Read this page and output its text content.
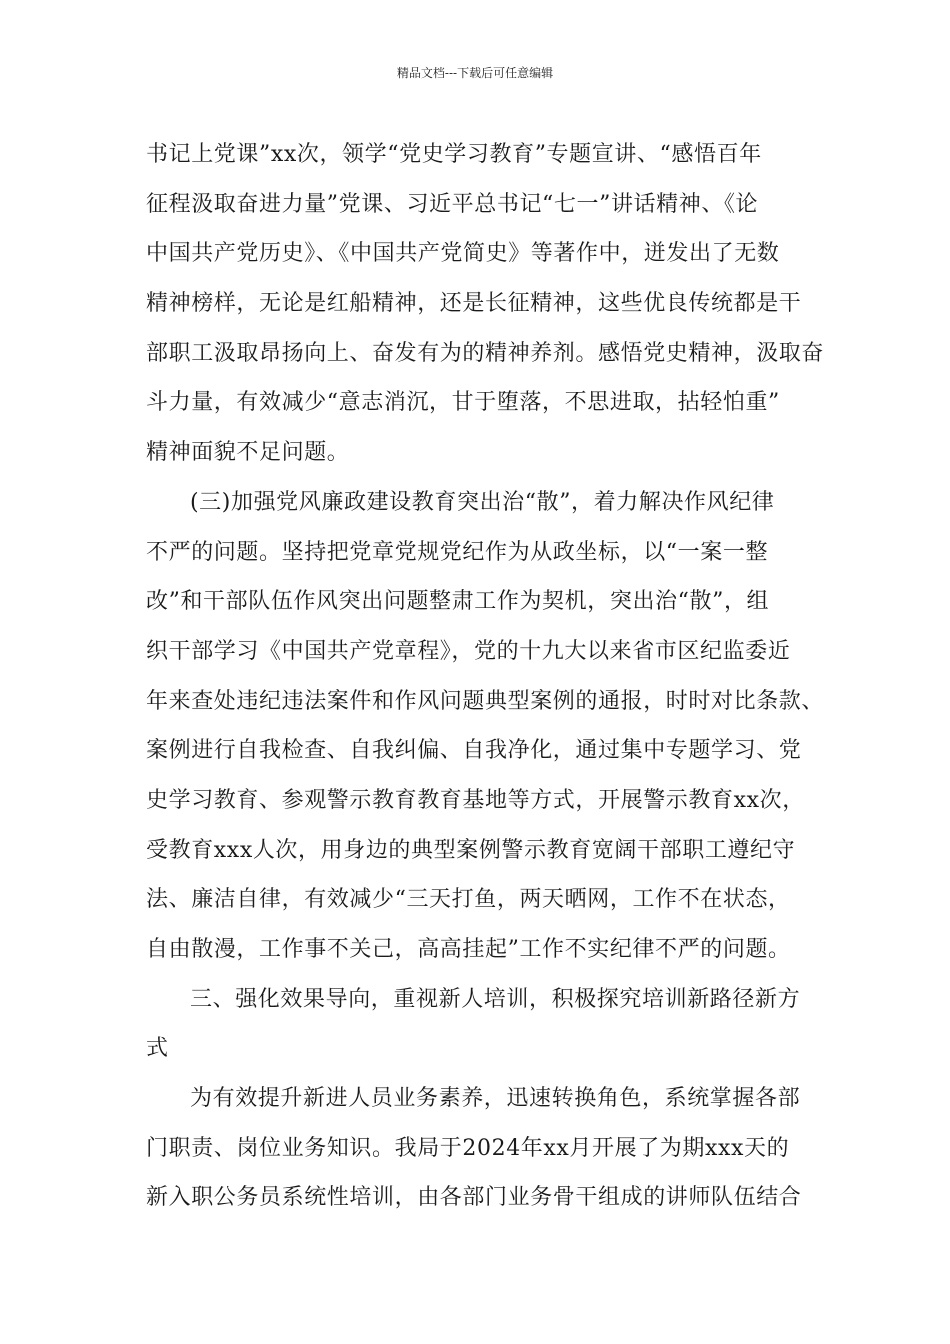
精品文档---下载后可任意编辑
书记上党课”xx次，领学“党史学习教育”专题宣讲、“感悟百年
征程汲取奋进力量”党课、习近平总书记“七一”讲话精神、《论
中国共产党历史》、《中国共产党简史》等著作中，迸发出了无数
精神榜样，无论是红船精神，还是长征精神，这些优良传统都是干
部职工汲取昂扬向上、奋发有为的精神养剂。感悟党史精神，汲取奋
斗力量，有效减少“意志消沉，甘于堕落，不思进取，拈轻怕重”
精神面貌不足问题。
(三)加强党风廉政建设教育突出治“散”，着力解决作风纪律
不严的问题。坚持把党章党规党纪作为从政坐标，以“一案一整
改”和干部队伍作风突出问题整肃工作为契机，突出治“散”，组
织干部学习《中国共产党章程》，党的十九大以来省市区纪监委近
年来查处违纪违法案件和作风问题典型案例的通报，时时对比条款、
案例进行自我检查、自我纠偏、自我净化，通过集中专题学习、党
史学习教育、参观警示教育教育基地等方式，开展警示教育xx次，
受教育xxx人次，用身边的典型案例警示教育宽阔干部职工遵纪守
法、廉洁自律，有效减少“三天打鱼，两天晒网，工作不在状态，
自由散漫，工作事不关己，高高挂起”工作不实纪律不严的问题。
三、强化效果导向，重视新人培训，积极探究培训新路径新方
式
为有效提升新进人员业务素养，迅速转换角色，系统掌握各部
门职责、岗位业务知识。我局于2024年xx月开展了为期xxx天的
新入职公务员系统性培训，由各部门业务骨干组成的讲师队伍结合
